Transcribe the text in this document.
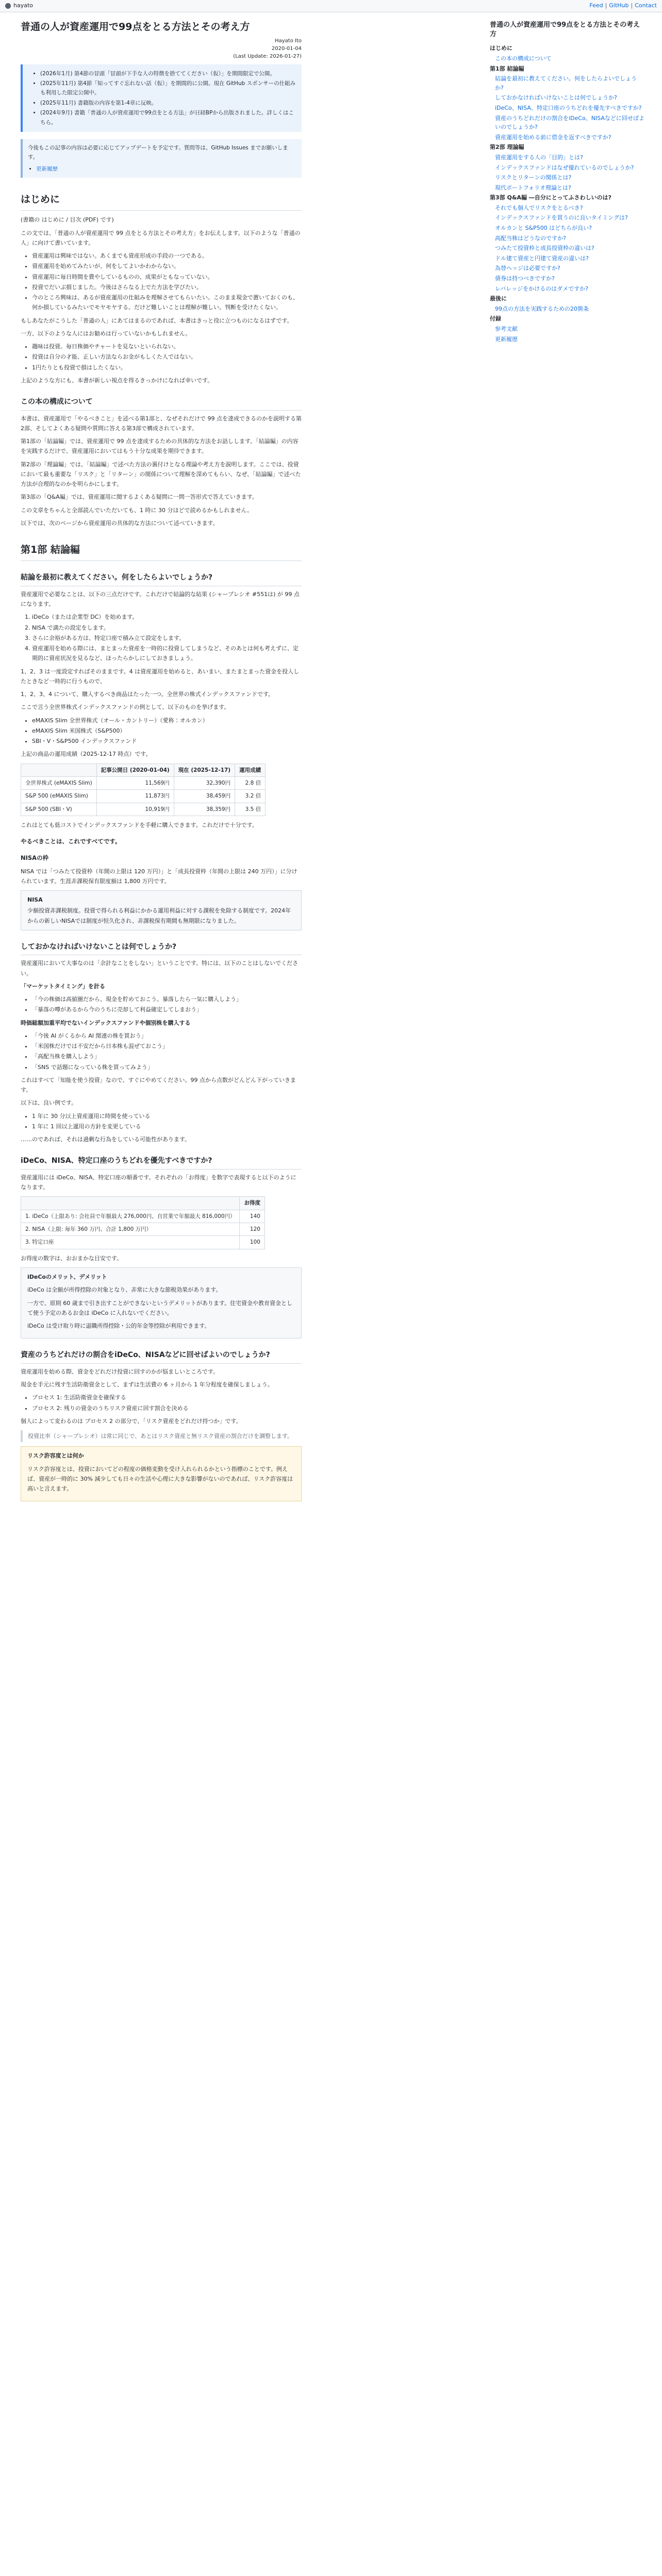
hayato	Feed | GitHub | Contact
普通の人が資産運用で99点をとる方法とその考え方
Hayato Ito
2020-01-04
(Last Update: 2026-01-27)
• (2026年1月) 第4節の冒頭「冒頭が下手な人の特徴を捨ててください（仮）」を期間限定で公開。
• (2025年11月) 第4節「知ってすぐ忘れない話（仮）」を期間的に公開。現在 GitHub スポンサーの仕組みも利用した限定公開中。
• (2025年11月) 書籍版の内容を第1-4章に反映。
• (2024年9月) 書籍「普通の人が資産運用で99点をとる方法」が日経BPから出版されました。詳しくはこちら。
今後もこの記事の内容は必要に応じてアップデートを予定です。質問等は、GitHub Issues までお願いします。
• 更新履歴
はじめに

(書籍の はじめに / 目次 (PDF) です)

この文では、「普通の人が資産運用で 99 点をとる方法とその考え方」をお伝えします。以下のような「普通の人」に向けて書いています。

• 資産運用は興味ではない。あくまでも資産形成の手段の一つである。
• 資産運用を始めてみたいが、何をしてよいかわからない。
• 資産運用に毎日時間を費やしているものの、成果がともなっていない。
• 投資でだいぶ損じました。今後はさらなる上でた方法を学びたい。
• 今のところ興味は、あるが資産運用の仕組みを理解させてもらいたい。このまま現金で置いておくのも、何か損しているみたいでモヤモヤする。だけど難しいことは理解が難しい。判断を受けたくない。

もしあなたがこうした「普通の人」にあてはまるのであれば、本書はきっと役に立つものになるはずです。

一方、以下のような人にはお勧めは行っていないかもしれません。

• 趣味は投資。毎日株価やチャートを見ないといられない。
• 投資は自分の才能、正しい方法ならお金がもしくた人ではない。
• 1円たりとも投資で損はしたくない。

上記のような方にも、本書が新しい視点を得るきっかけになれば幸いです。

この本の構成について

本書は、資産運用で「やるべきこと」を述べる第1部と、なぜそれだけで 99 点を達成できるのかを説明する第2部、そしてよくある疑問や質問に答える第3部で構成されています。

第1部の「結論編」では、資産運用で 99 点を達成するための具体的な方法をお話しします。「結論編」の内容を実践するだけで、資産運用においてはもう十分な成果を期待できます。

第2部の「理論編」では、「結論編」で述べた方法の裏付けとなる理論や考え方を説明します。ここでは、投資において最も重要な「リスク」と「リターン」の関係について理解を深めてもらい、なぜ、「結論編」で述べた方法が合理的なのかを明らかにします。

第3部の「Q&A編」では、資産運用に関するよくある疑問に一問一答形式で答えていきます。

この文章をちゃんと全部読んでいただいても、1 時に 30 分ほどで読めるかもしれません。

以下では、次のページから資産運用の具体的な方法について述べていきます。

第1部 結論編
結論を最初に教えてください。何をしたらよいでしょうか?

資産運用で必要なことは、以下の三点だけです。これだけで結論的な結果 (シャープレシオ #551は) が 99 点になります。

1. iDeCo（または企業型 DC）を始めます。
2. NISA で満たの設定をします。
3. さらに余裕がある方は、特定口座で積み立て設定をします。
4. 資産運用を始める際には、まとまった資産を一時的に投資してしまうなど、そのあとは何も考えずに、定期的に資産状況を見るなど、ほったらかしにしておきましょう。

1、2、3 は一度設定すればそのままです。4 は資産運用を始めると、あいまい、またまとまった資金を投入したときなど一時的に行うもので、

1、2、3、4 について、購入するべき商品はたった一つ。全世界の株式インデックスファンドです。

ここで言う全世界株式インデックスファンドの例として、以下のものを挙げます。

• eMAXIS Slim 全世界株式（オール・カントリー）（愛称：オルカン）
• eMAXIS Slim 米国株式（S&P500）
• SBI・V・S&P500 インデックスファンド

上記の商品の運用成績（2025-12-17 時点）です。

	記事公開日 (2020-01-04)	現在 (2025-12-17)	運用成績
全世界株式 (eMAXIS Slim)	11,569円	32,390円	2.8 倍
S&P 500 (eMAXIS Slim)	11,873円	38,459円	3.2 倍
S&P 500 (SBI・V)	10,919円	38,359円	3.5 倍

これはとても低コストでインデックスファンドを手軽に購入できます。これだけで十分です。

やるべきことは、これですべてです。
NISAの枠

NISA では「つみたて投資枠（年間の上限は 120 万円）」と「成長投資枠（年間の上限は 240 万円）」に分けられています。生涯非課税保有限度額は 1,800 万円です。

NISA
少額投資非課税制度。投資で得られる利益にかかる運用利益に対する課税を免除する制度です。2024年からの新しいNISAでは制度が恒久化され、非課税保有期間も無期限になりました。
しておかなければいけないことは何でしょうか?

資産運用において大事なのは「余計なことをしない」ということです。特には、以下のことはしないでください。

「マーケットタイミング」を計る

• 「今の株価は高値圏だから、現金を貯めておこう。暴落したら一気に購入しよう」
• 「暴落の噂があるから今のうちに売却して利益確定してしまおう」

時価総額加重平均でないインデックスファンドや個別株を購入する

• 「今後 AI がくるから AI 関連の株を買おう」
• 「米国株だけでは不安だから日本株も混ぜておこう」
• 「高配当株を購入しよう」
• 「SNS で話題になっている株を買ってみよう」

これはすべて「知能を使う投資」なので、すぐにやめてください。99 点から点数がどんどん下がっていきます。

以下は、良い例です。

• 1 年に 30 分以上資産運用に時間を使っている
• 1 年に 1 回以上運用の方針を変更している

……のであれば、それは過剰な行為をしている可能性があります。

iDeCo、NISA、特定口座のうちどれを優先すべきですか?

資産運用には iDeCo、NISA、特定口座の順番です。それぞれの「お得度」を数字で表現すると以下のようになります。

	お得度
1. iDeCo（上限あり: 会社員で年額最大 276,000円、自営業で年額最大 816,000円）	140
2. NISA（上限: 毎年 360 万円、合計 1,800 万円）	120
3. 特定口座	100

お得度の数字は、おおまかな目安です。

iDeCoのメリット、デメリット

iDeCo は全額が所得控除の対象となり、非常に大きな節税効果があります。

一方で、原則 60 歳まで引き出すことができないというデメリットがあります。住宅資金や教育資金として使う予定のあるお金は iDeCo に入れないでください。

iDeCo は受け取り時に退職所得控除・公的年金等控除が利用できます。

資産のうちどれだけの割合をiDeCo、NISAなどに回せばよいのでしょうか?

資産運用を始める際、資金をどれだけ投資に回すのかが悩ましいところです。

現金を手元に残す生活防衛資金として、まずは生活費の 6 ヶ月から 1 年分程度を確保しましょう。

• プロセス 1: 生活防衛資金を確保する
• プロセス 2: 残りの資金のうちリスク資産に回す割合を決める

個人によって変わるのは プロセス 2 の部分で、「リスク資産をどれだけ持つか」です。

投資比率（シャープレシオ）は常に同じで、あとはリスク資産と無リスク資産の割合だけを調整します。
リスク許容度とは何か

リスク許容度とは、投資においてどの程度の価格変動を受け入れられるかという指標のことです。例えば、資産が一時的に 30% 減少しても日々の生活や心理に大きな影響がないのであれば、リスク許容度は高いと言えます。

普通の人が資産運用で99点をとる方法とその考え方
はじめに
この本の構成について
第1部 結論編
結論を最初に教えてください。何をしたらよいでしょうか?
しておかなければいけないことは何でしょうか?
iDeCo、NISA、特定口座のうちどれを優先すべきですか?
資産のうちどれだけの割合をiDeCo、NISAなどに回せばよいのでしょうか?
資産運用を始める前に借金を返すべきですか?
第2部 理論編
資産運用をする人の「目的」とは?
インデックスファンドはなぜ優れているのでしょうか?
リスクとリターンの関係とは?
現代ポートフォリオ理論とは?
第3部 Q&A編 ―自分にとってふさわしいのは?
それでも個人でリスクをとるべき?
インデックスファンドを買うのに良いタイミングは?
オルカンと S&P500 はどちらが良い?
高配当株はどうなのですか?
つみたて投資枠と成長投資枠の違いは?
ドル建て資産と円建て資産の違いは?
為替ヘッジは必要ですか?
債券は持つべきですか?
レバレッジをかけるのはダメですか?
最後に
99点の方法を実践するための20箇条
付録
参考文献
更新履歴
